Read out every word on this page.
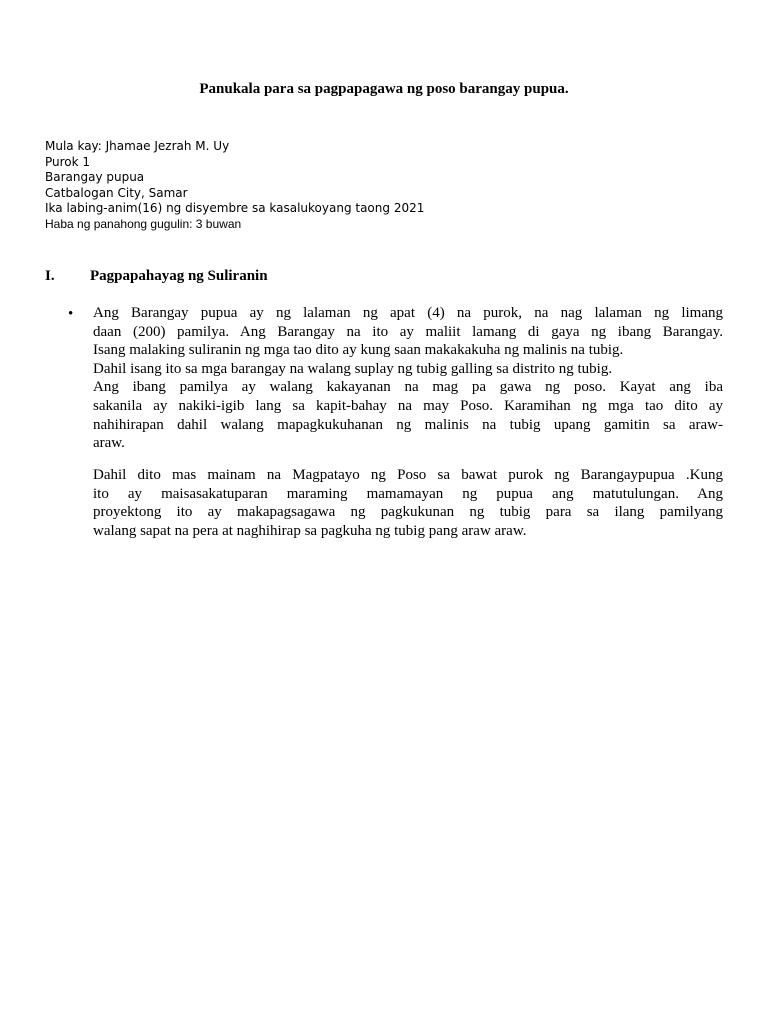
Panukala para sa pagpapagawa ng poso barangay pupua.
Mula kay: Jhamae Jezrah M. Uy
Purok 1
Barangay pupua
Catbalogan City, Samar
Ika labing-anim(16) ng disyembre sa kasalukoyang taong 2021
Haba ng panahong gugulin: 3 buwan
I. Pagpapahayag ng Suliranin
• Ang Barangay pupua ay ng lalaman ng apat (4) na purok, na nag lalaman ng limang
daan (200) pamilya. Ang Barangay na ito ay maliit lamang di gaya ng ibang Barangay.
Isang malaking suliranin ng mga tao dito ay kung saan makakakuha ng malinis na tubig.
Dahil isang ito sa mga barangay na walang suplay ng tubig galling sa distrito ng tubig.
Ang ibang pamilya ay walang kakayanan na mag pa gawa ng poso. Kayat ang iba
sakanila ay nakiki-igib lang sa kapit-bahay na may Poso. Karamihan ng mga tao dito ay
nahihirapan dahil walang mapagkukuhanan ng malinis na tubig upang gamitin sa araw-
araw.
Dahil dito mas mainam na Magpatayo ng Poso sa bawat purok ng Barangaypupua .Kung
ito ay maisasakatuparan maraming mamamayan ng pupua ang matutulungan. Ang
proyektong ito ay makapagsagawa ng pagkukunan ng tubig para sa ilang pamilyang
walang sapat na pera at naghihirap sa pagkuha ng tubig pang araw araw.
